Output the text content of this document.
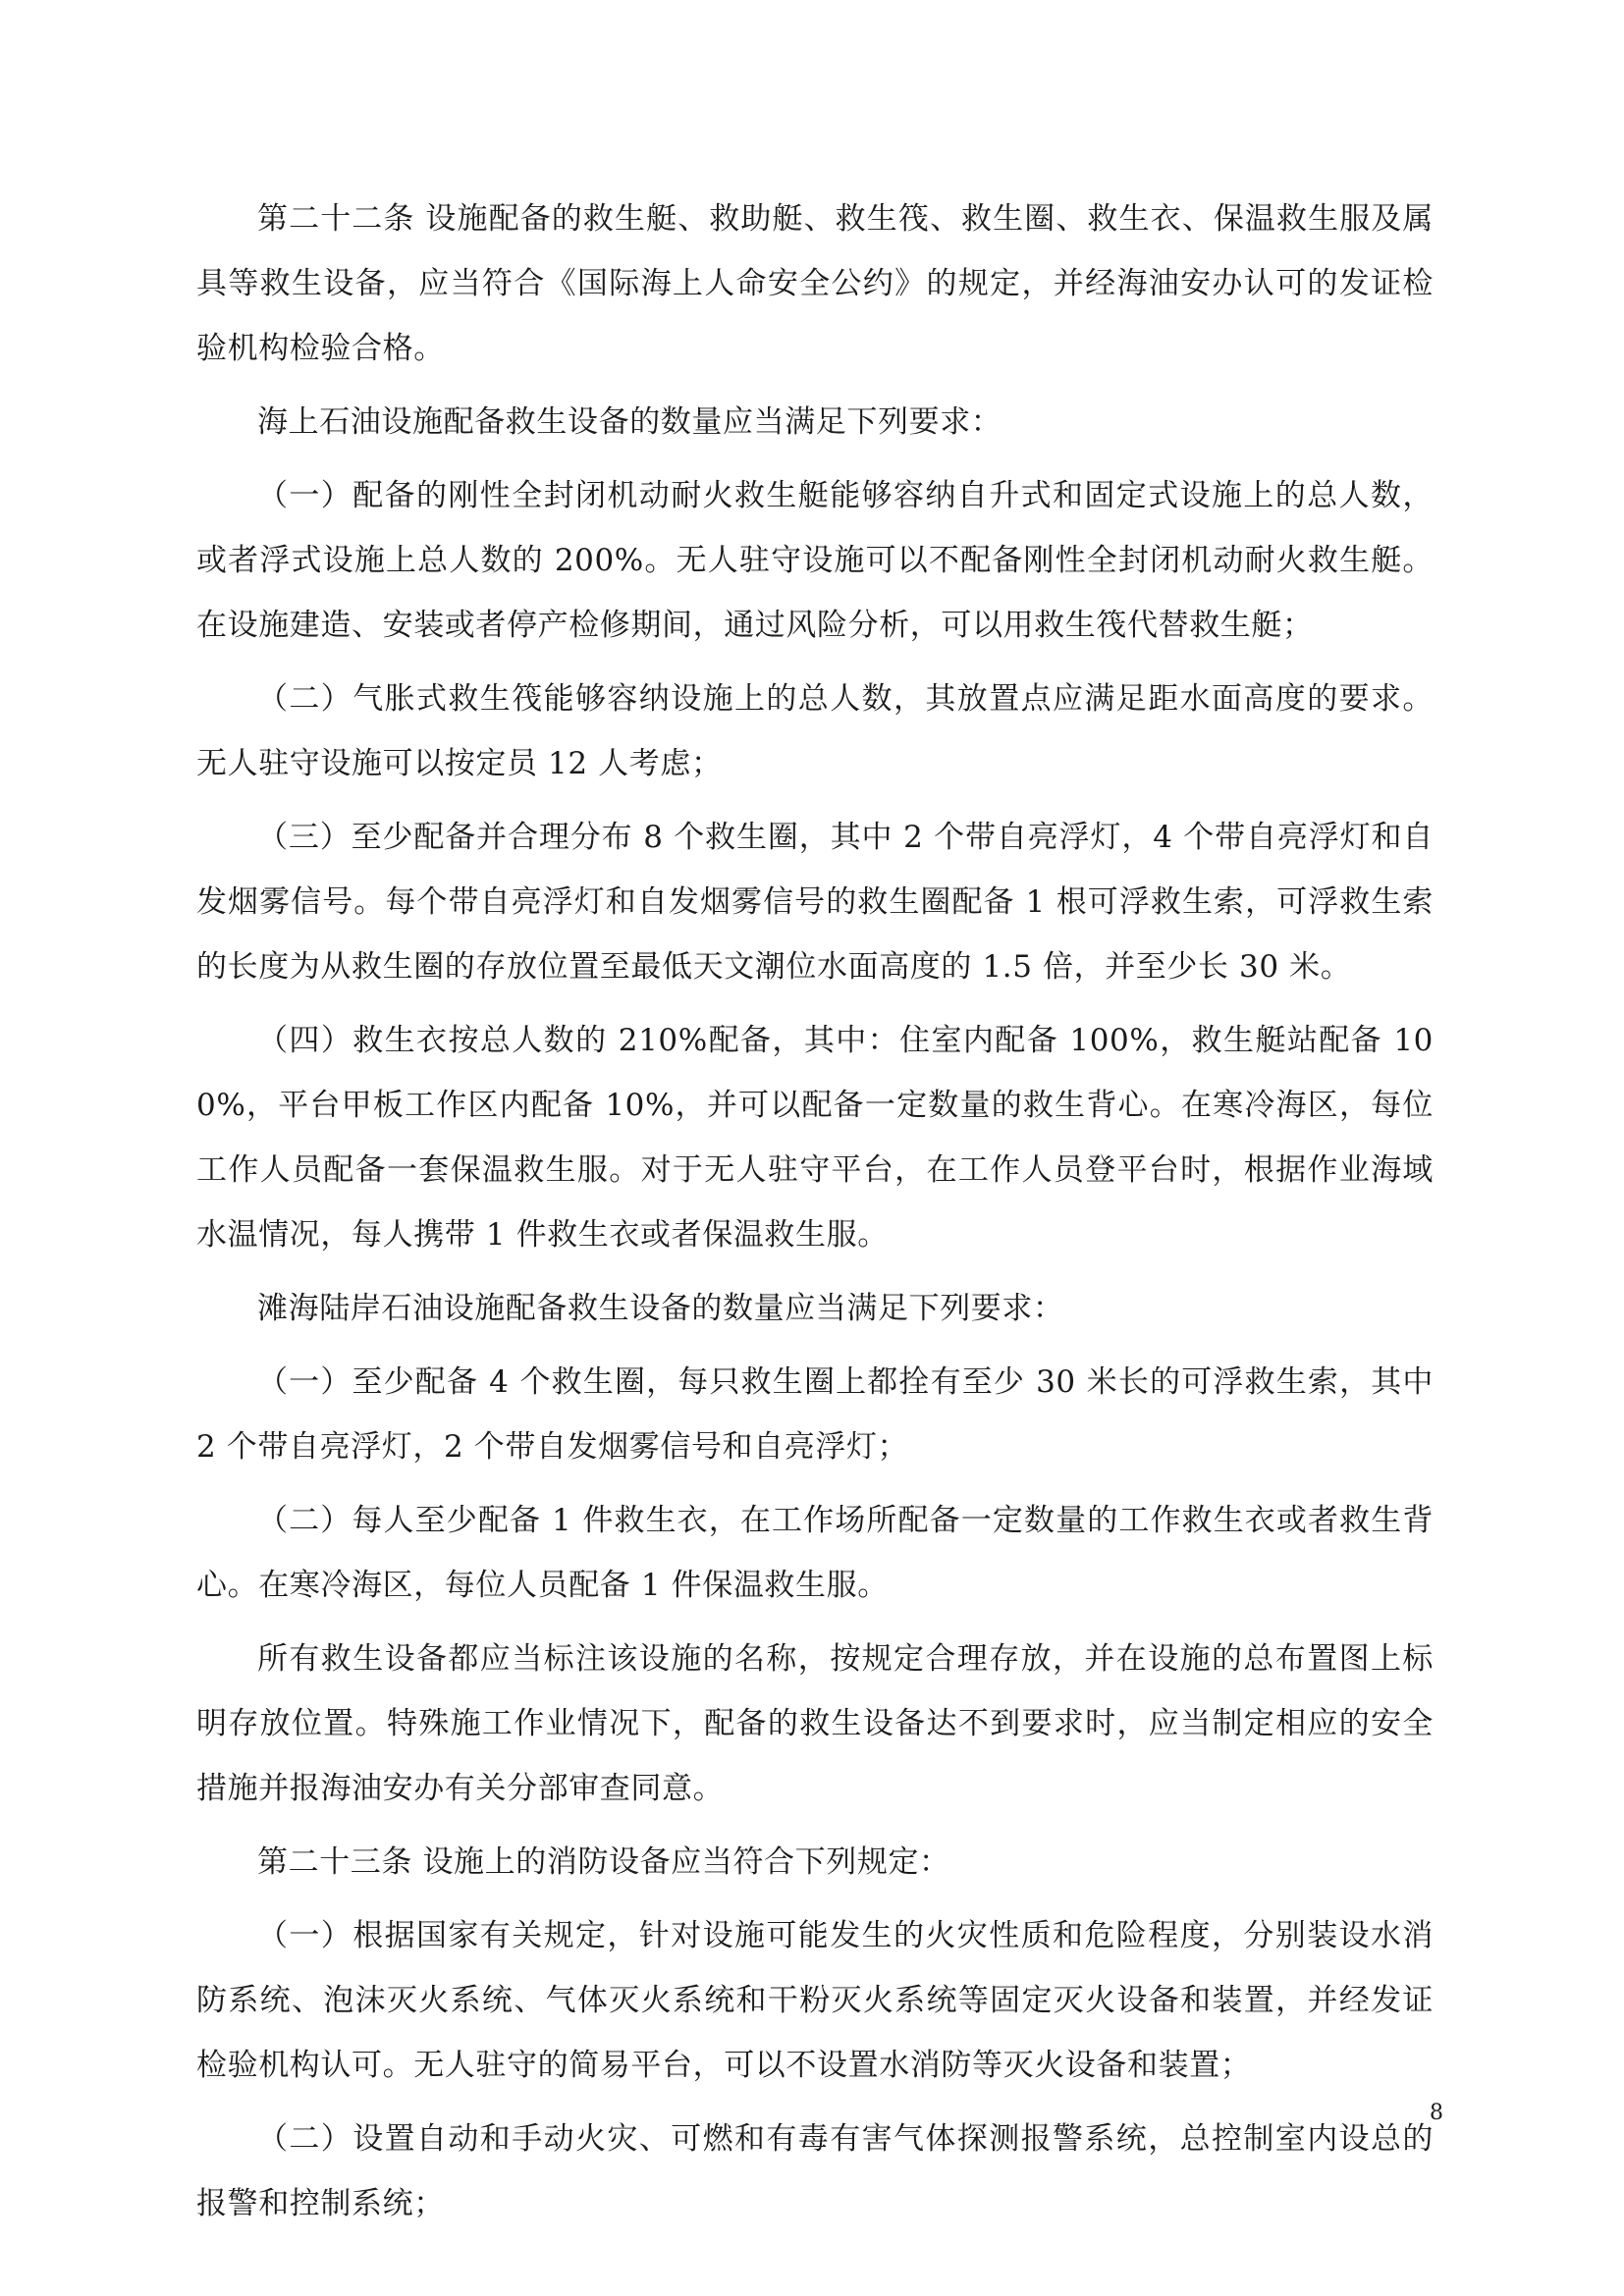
第二十二条 设施配备的救生艇、救助艇、救生筏、救生圈、救生衣、保温救生服及属具等救生设备，应当符合《国际海上人命安全公约》的规定，并经海油安办认可的发证检验机构检验合格。

海上石油设施配备救生设备的数量应当满足下列要求：

（一）配备的刚性全封闭机动耐火救生艇能够容纳自升式和固定式设施上的总人数，或者浮式设施上总人数的 200%。无人驻守设施可以不配备刚性全封闭机动耐火救生艇。在设施建造、安装或者停产检修期间，通过风险分析，可以用救生筏代替救生艇；

（二）气胀式救生筏能够容纳设施上的总人数，其放置点应满足距水面高度的要求。无人驻守设施可以按定员 12 人考虑；

（三）至少配备并合理分布 8 个救生圈，其中 2 个带自亮浮灯，4 个带自亮浮灯和自发烟雾信号。每个带自亮浮灯和自发烟雾信号的救生圈配备 1 根可浮救生索，可浮救生索的长度为从救生圈的存放位置至最低天文潮位水面高度的 1.5 倍，并至少长 30 米。

（四）救生衣按总人数的 210%配备，其中：住室内配备 100%，救生艇站配备 100%，平台甲板工作区内配备 10%，并可以配备一定数量的救生背心。在寒冷海区，每位工作人员配备一套保温救生服。对于无人驻守平台，在工作人员登平台时，根据作业海域水温情况，每人携带 1 件救生衣或者保温救生服。

滩海陆岸石油设施配备救生设备的数量应当满足下列要求：

（一）至少配备 4 个救生圈，每只救生圈上都拴有至少 30 米长的可浮救生索，其中 2 个带自亮浮灯，2 个带自发烟雾信号和自亮浮灯；

（二）每人至少配备 1 件救生衣，在工作场所配备一定数量的工作救生衣或者救生背心。在寒冷海区，每位人员配备 1 件保温救生服。

所有救生设备都应当标注该设施的名称，按规定合理存放，并在设施的总布置图上标明存放位置。特殊施工作业情况下，配备的救生设备达不到要求时，应当制定相应的安全措施并报海油安办有关分部审查同意。

第二十三条 设施上的消防设备应当符合下列规定：

（一）根据国家有关规定，针对设施可能发生的火灾性质和危险程度，分别装设水消防系统、泡沫灭火系统、气体灭火系统和干粉灭火系统等固定灭火设备和装置，并经发证检验机构认可。无人驻守的简易平台，可以不设置水消防等灭火设备和装置；

（二）设置自动和手动火灾、可燃和有毒有害气体探测报警系统，总控制室内设总的报警和控制系统；

8
